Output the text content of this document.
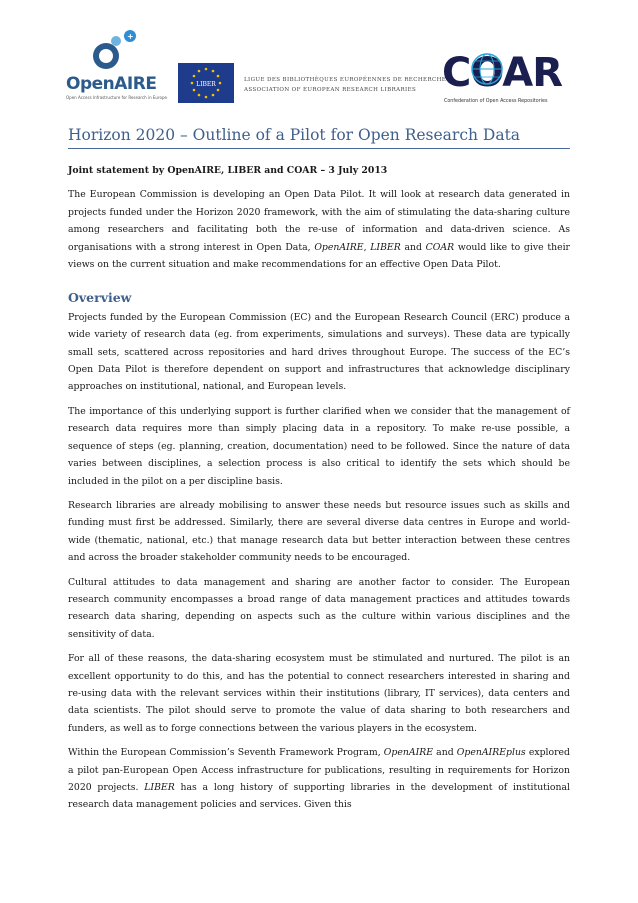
+
OpenAIRE
Open Access Infrastructure for Research in Europe
LIBER
LIGUE DES BIBLIOTHÈQUES EUROPÉENNES DE RECHERCHE
ASSOCIATION OF EUROPEAN RESEARCH LIBRARIES COAR
Confederation of Open Access Repositories
Horizon 2020 – Outline of a Pilot for Open Research Data
Joint statement by OpenAIRE, LIBER and COAR – 3 July 2013

The European Commission is developing an Open Data Pilot. It will look at research data generated in projects funded under the Horizon 2020 framework, with the aim of stimulating the data-sharing culture among researchers and facilitating both the re-use of information and data-driven science. As organisations with a strong interest in Open Data, OpenAIRE, LIBER and COAR would like to give their views on the current situation and make recommendations for an effective Open Data Pilot.

Overview

Projects funded by the European Commission (EC) and the European Research Council (ERC) produce a wide variety of research data (eg. from experiments, simulations and surveys). These data are typically small sets, scattered across repositories and hard drives throughout Europe. The success of the EC’s Open Data Pilot is therefore dependent on support and infrastructures that acknowledge disciplinary approaches on institutional, national, and European levels.

The importance of this underlying support is further clarified when we consider that the management of research data requires more than simply placing data in a repository. To make re-use possible, a sequence of steps (eg. planning, creation, documentation) need to be followed. Since the nature of data varies between disciplines, a selection process is also critical to identify the sets which should be included in the pilot on a per discipline basis.

Research libraries are already mobilising to answer these needs but resource issues such as skills and funding must first be addressed. Similarly, there are several diverse data centres in Europe and world-wide (thematic, national, etc.) that manage research data but better interaction between these centres and across the broader stakeholder community needs to be encouraged.

Cultural attitudes to data management and sharing are another factor to consider. The European research community encompasses a broad range of data management practices and attitudes towards research data sharing, depending on aspects such as the culture within various disciplines and the sensitivity of data.

For all of these reasons, the data-sharing ecosystem must be stimulated and nurtured. The pilot is an excellent opportunity to do this, and has the potential to connect researchers interested in sharing and re-using data with the relevant services within their institutions (library, IT services), data centers and data scientists. The pilot should serve to promote the value of data sharing to both researchers and funders, as well as to forge connections between the various players in the ecosystem.

Within the European Commission’s Seventh Framework Program, OpenAIRE and OpenAIREplus explored a pilot pan-European Open Access infrastructure for publications, resulting in requirements for Horizon 2020 projects. LIBER has a long history of supporting libraries in the development of institutional research data management policies and services. Given this
